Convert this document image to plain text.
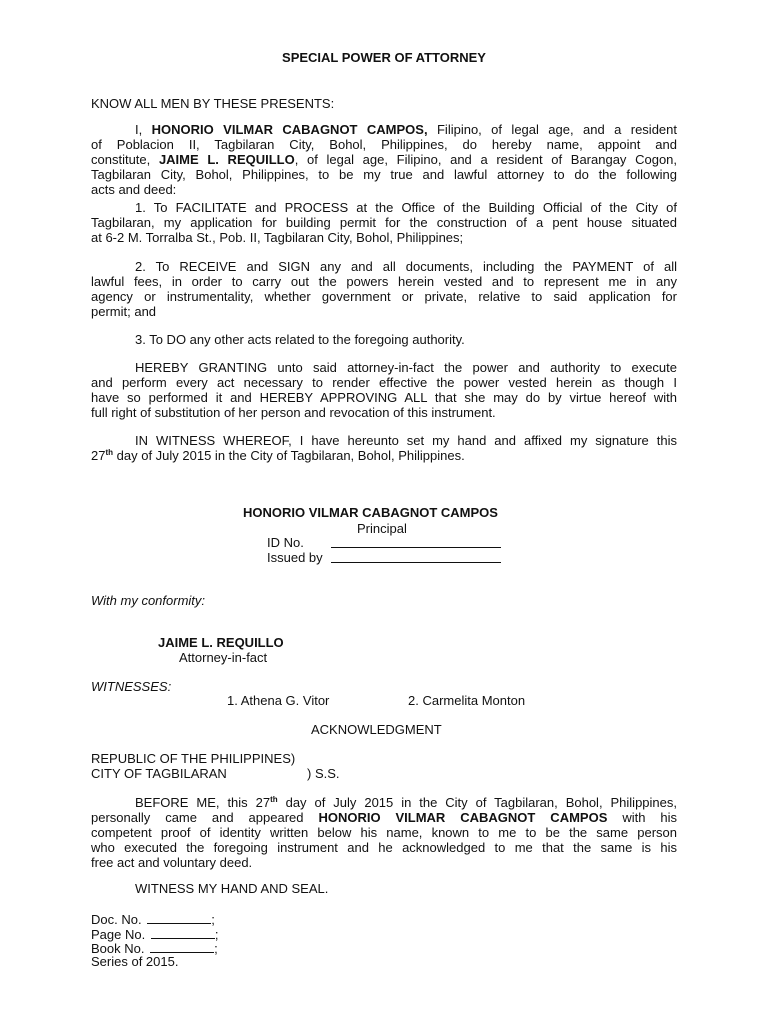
SPECIAL POWER OF ATTORNEY
KNOW ALL MEN BY THESE PRESENTS:
I, HONORIO VILMAR CABAGNOT CAMPOS, Filipino, of legal age, and a resident
of Poblacion II, Tagbilaran City, Bohol, Philippines, do hereby name, appoint and
constitute, JAIME L. REQUILLO, of legal age, Filipino, and a resident of Barangay Cogon,
Tagbilaran City, Bohol, Philippines, to be my true and lawful attorney to do the following
acts and deed:
1. To FACILITATE and PROCESS at the Office of the Building Official of the City of
Tagbilaran, my application for building permit for the construction of a pent house situated
at 6-2 M. Torralba St., Pob. II, Tagbilaran City, Bohol, Philippines;
2. To RECEIVE and SIGN any and all documents, including the PAYMENT of all
lawful fees, in order to carry out the powers herein vested and to represent me in any
agency or instrumentality, whether government or private, relative to said application for
permit; and
3. To DO any other acts related to the foregoing authority.
HEREBY GRANTING unto said attorney-in-fact the power and authority to execute
and perform every act necessary to render effective the power vested herein as though I
have so performed it and HEREBY APPROVING ALL that she may do by virtue hereof with
full right of substitution of her person and revocation of this instrument.
IN WITNESS WHEREOF, I have hereunto set my hand and affixed my signature this
27th day of July 2015 in the City of Tagbilaran, Bohol, Philippines.
HONORIO VILMAR CABAGNOT CAMPOS
Principal
ID No.
Issued by
With my conformity:
JAIME L. REQUILLO
Attorney-in-fact
WITNESSES:
1. Athena G. Vitor	2. Carmelita Monton
ACKNOWLEDGMENT
REPUBLIC OF THE PHILIPPINES)
CITY OF TAGBILARAN	) S.S.
BEFORE ME, this 27th day of July 2015 in the City of Tagbilaran, Bohol, Philippines,
personally came and appeared HONORIO VILMAR CABAGNOT CAMPOS with his
competent proof of identity written below his name, known to me to be the same person
who executed the foregoing instrument and he acknowledged to me that the same is his
free act and voluntary deed.
WITNESS MY HAND AND SEAL.
Doc. No.	;
Page No.	;
Book No.	;
Series of 2015.
